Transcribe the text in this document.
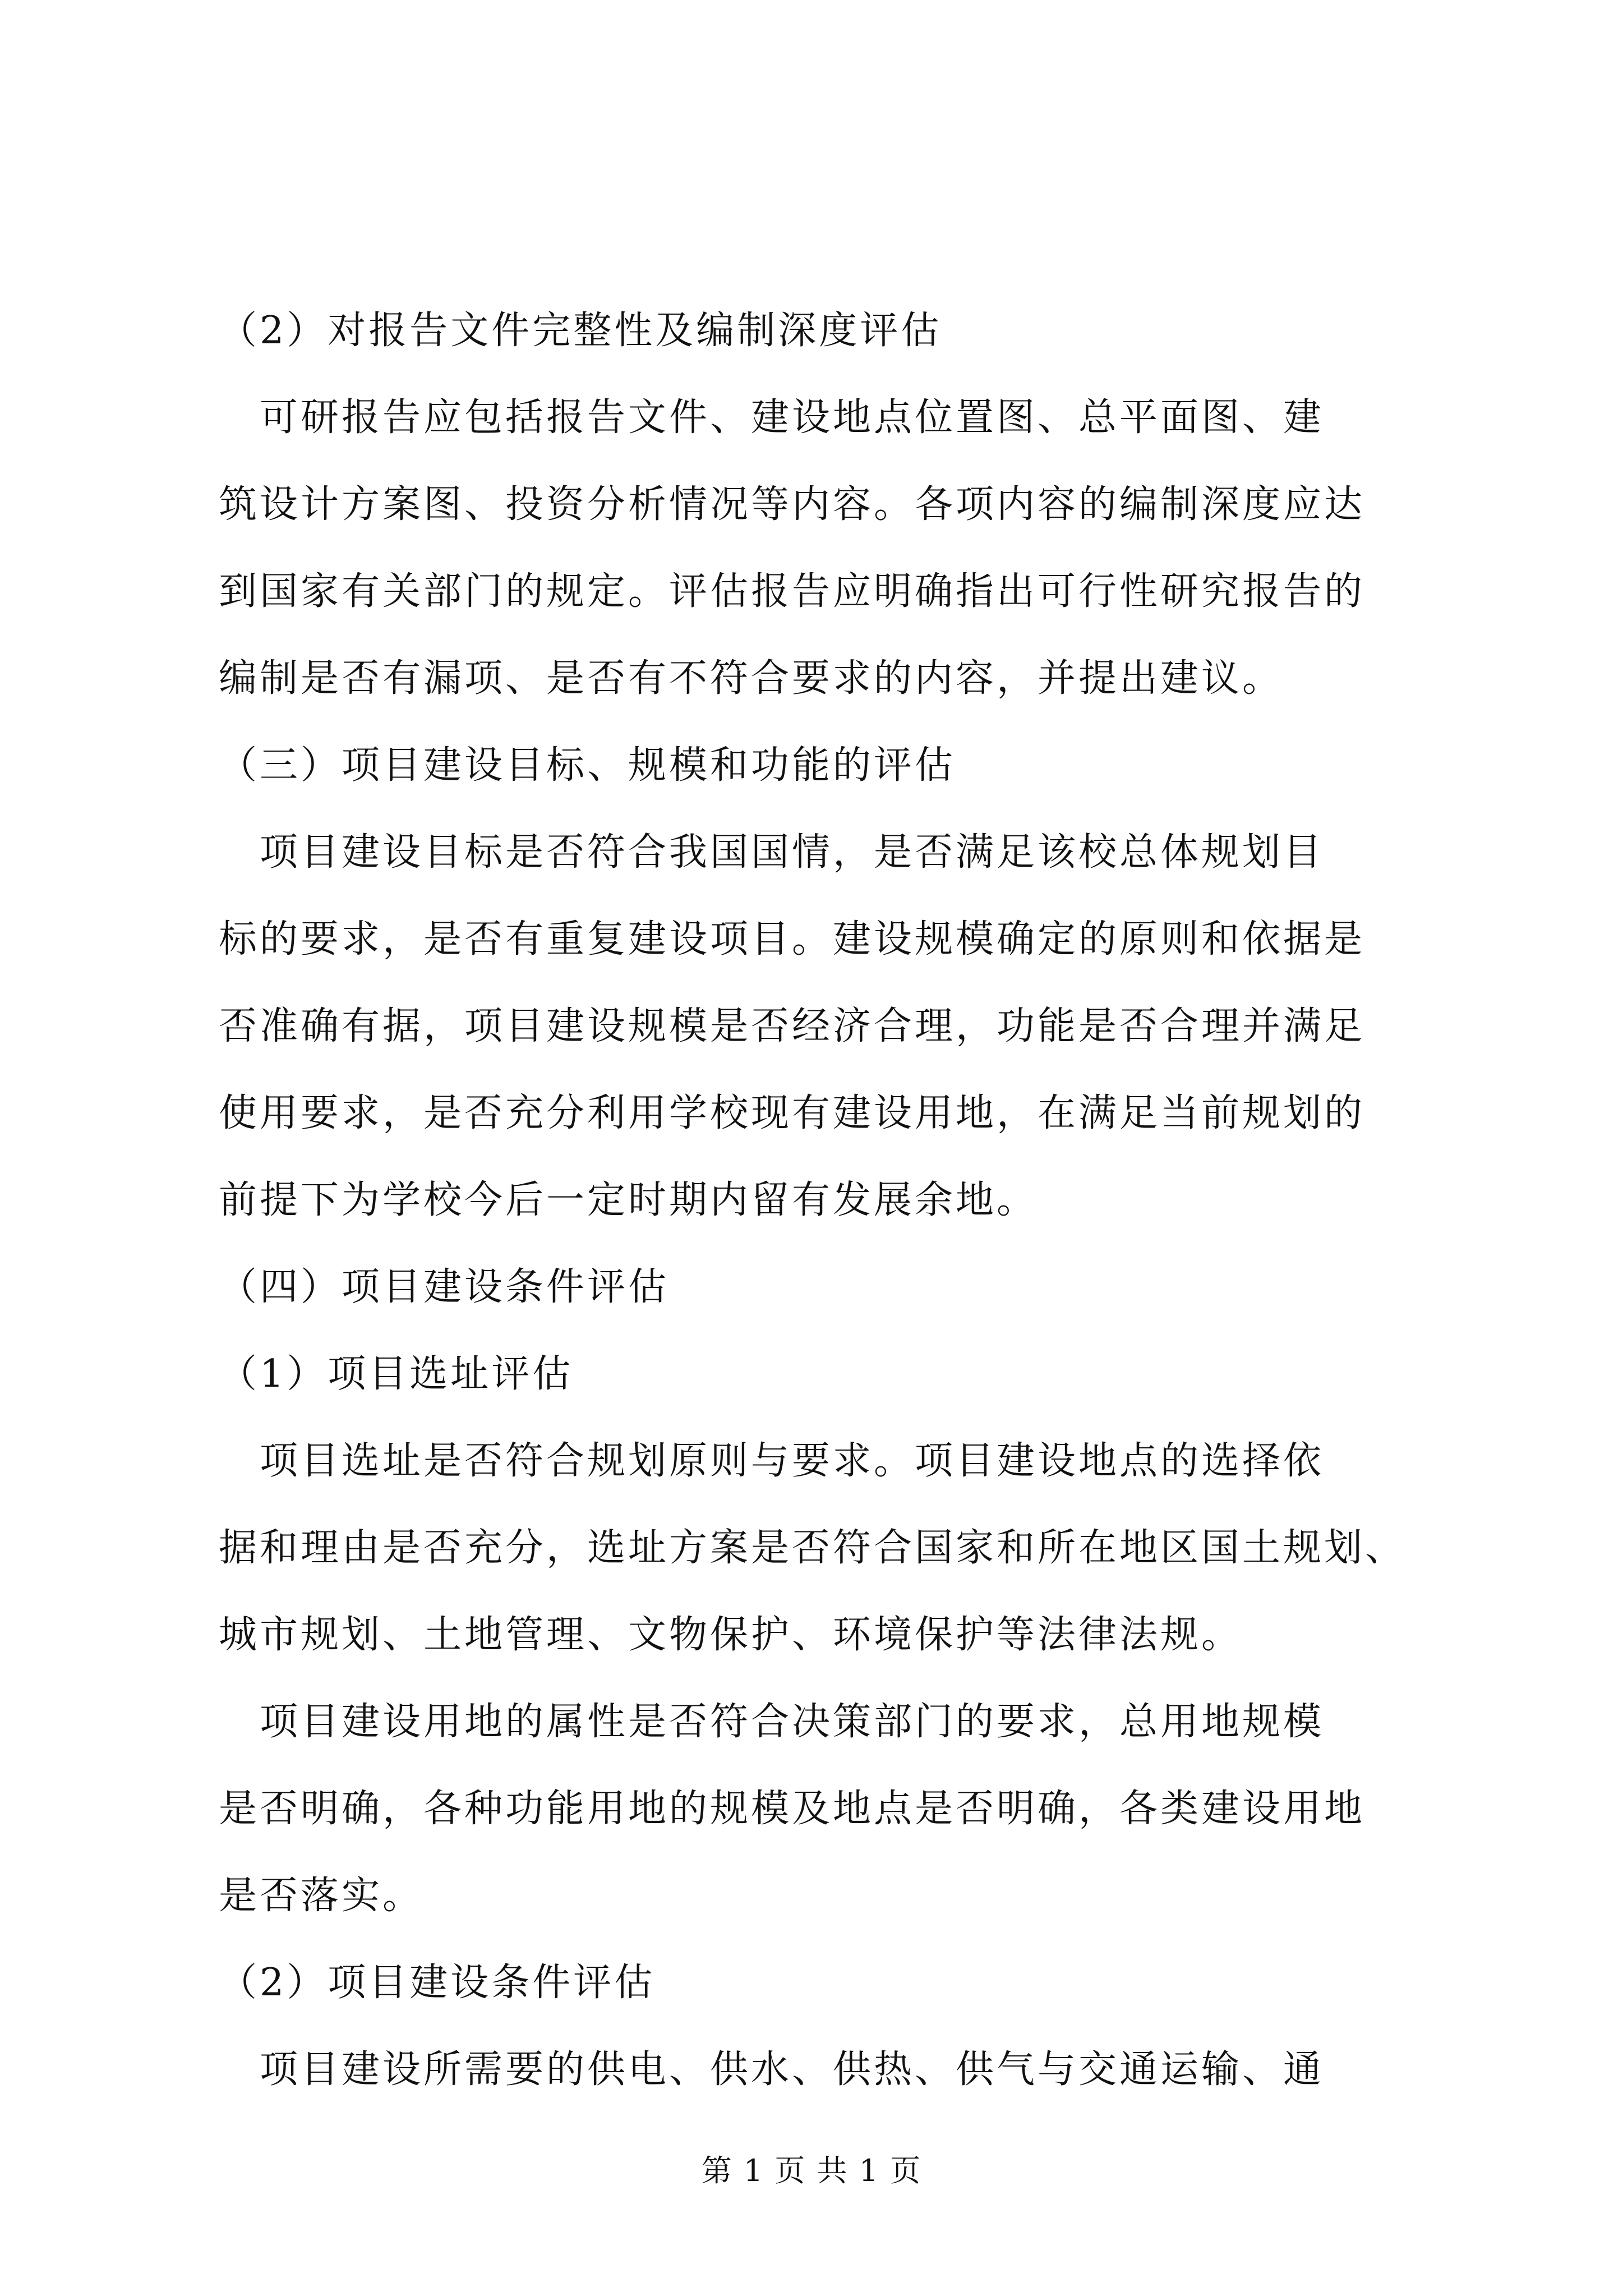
（2）对报告文件完整性及编制深度评估
　可研报告应包括报告文件、建设地点位置图、总平面图、建
筑设计方案图、投资分析情况等内容。各项内容的编制深度应达
到国家有关部门的规定。评估报告应明确指出可行性研究报告的
编制是否有漏项、是否有不符合要求的内容，并提出建议。
（三）项目建设目标、规模和功能的评估
　项目建设目标是否符合我国国情，是否满足该校总体规划目
标的要求，是否有重复建设项目。建设规模确定的原则和依据是
否准确有据，项目建设规模是否经济合理，功能是否合理并满足
使用要求，是否充分利用学校现有建设用地，在满足当前规划的
前提下为学校今后一定时期内留有发展余地。
（四）项目建设条件评估
（1）项目选址评估
　项目选址是否符合规划原则与要求。项目建设地点的选择依
据和理由是否充分，选址方案是否符合国家和所在地区国土规划、
城市规划、土地管理、文物保护、环境保护等法律法规。
　项目建设用地的属性是否符合决策部门的要求，总用地规模
是否明确，各种功能用地的规模及地点是否明确，各类建设用地
是否落实。
（2）项目建设条件评估
　项目建设所需要的供电、供水、供热、供气与交通运输、通
第 1 页 共 1 页
